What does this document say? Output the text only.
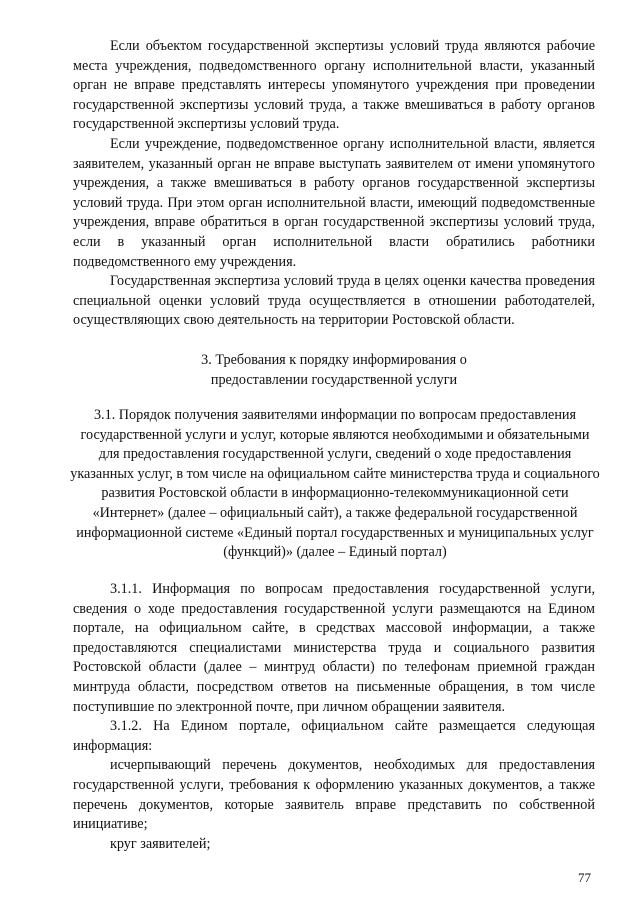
Если объектом государственной экспертизы условий труда являются рабочие места учреждения, подведомственного органу исполнительной власти, указанный орган не вправе представлять интересы упомянутого учреждения при проведении государственной экспертизы условий труда, а также вмешиваться в работу органов государственной экспертизы условий труда.

Если учреждение, подведомственное органу исполнительной власти, является заявителем, указанный орган не вправе выступать заявителем от имени упомянутого учреждения, а также вмешиваться в работу органов государственной экспертизы условий труда. При этом орган исполнительной власти, имеющий подведомственные учреждения, вправе обратиться в орган государственной экспертизы условий труда, если в указанный орган исполнительной власти обратились работники подведомственного ему учреждения.

Государственная экспертиза условий труда в целях оценки качества проведения специальной оценки условий труда осуществляется в отношении работодателей, осуществляющих свою деятельность на территории Ростовской области.

3. Требования к порядку информирования о

предоставлении государственной услуги

3.1. Порядок получения заявителями информации по вопросам предоставления государственной услуги и услуг, которые являются необходимыми и обязательными для предоставления государственной услуги, сведений о ходе предоставления указанных услуг, в том числе на официальном сайте министерства труда и социального развития Ростовской области в информационно-телекоммуникационной сети «Интернет» (далее – официальный сайт), а также федеральной государственной информационной системе «Единый портал государственных и муниципальных услуг (функций)» (далее – Единый портал)

3.1.1. Информация по вопросам предоставления государственной услуги, сведения о ходе предоставления государственной услуги размещаются на Едином портале, на официальном сайте, в средствах массовой информации, а также предоставляются специалистами министерства труда и социального развития Ростовской области (далее – минтруд области) по телефонам приемной граждан минтруда области, посредством ответов на письменные обращения, в том числе поступившие по электронной почте, при личном обращении заявителя.

3.1.2. На Едином портале, официальном сайте размещается следующая информация:

исчерпывающий перечень документов, необходимых для предоставления государственной услуги, требования к оформлению указанных документов, а также перечень документов, которые заявитель вправе представить по собственной инициативе;

круг заявителей;

77
